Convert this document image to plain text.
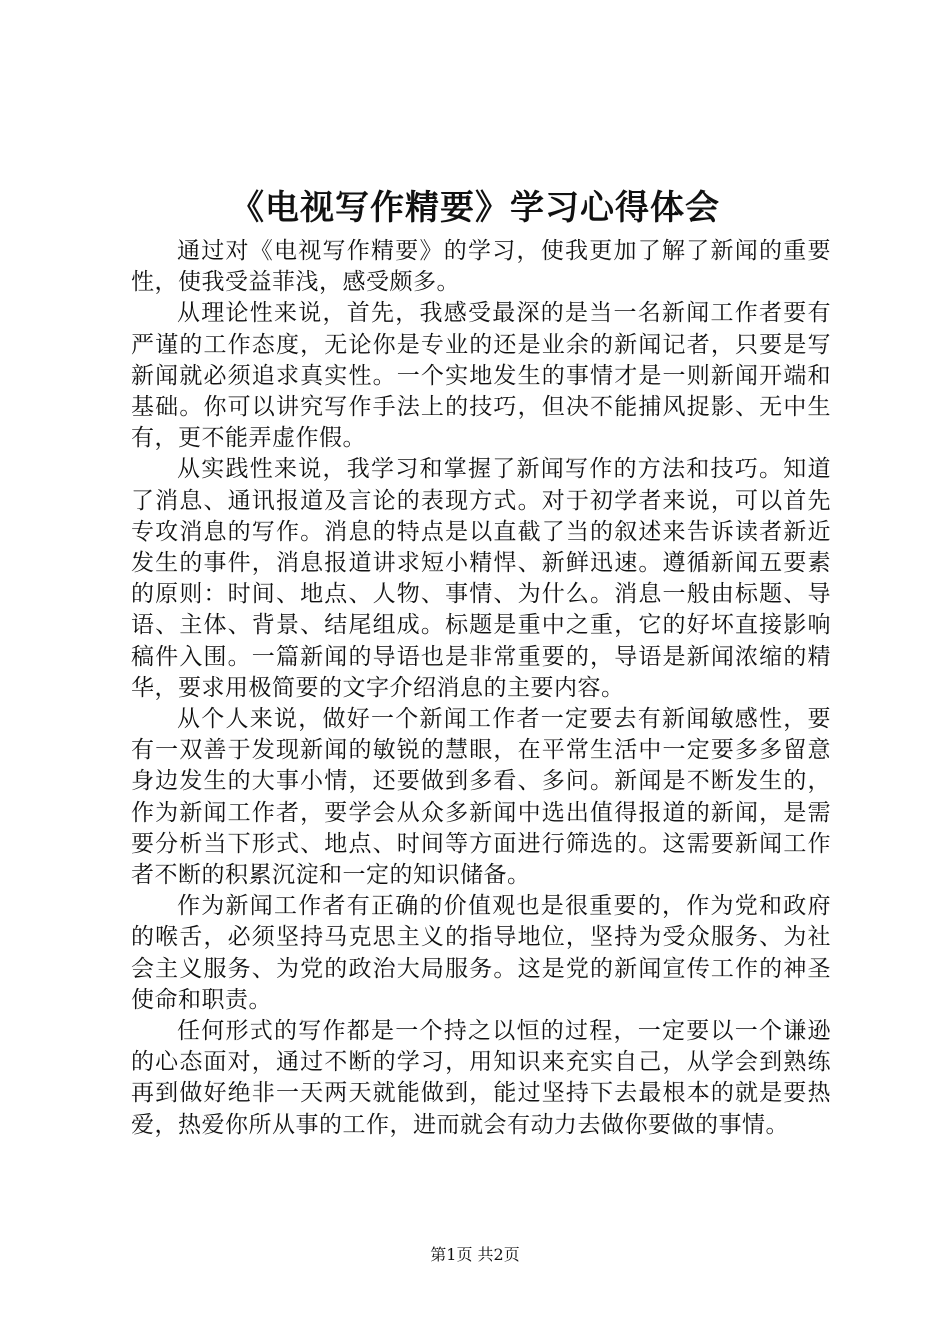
《电视写作精要》学习心得体会

通过对《电视写作精要》的学习，使我更加了解了新闻的重要性，使我受益菲浅，感受颇多。

从理论性来说，首先，我感受最深的是当一名新闻工作者要有严谨的工作态度，无论你是专业的还是业余的新闻记者，只要是写新闻就必须追求真实性。一个实地发生的事情才是一则新闻开端和基础。你可以讲究写作手法上的技巧，但决不能捕风捉影、无中生有，更不能弄虚作假。

从实践性来说，我学习和掌握了新闻写作的方法和技巧。知道了消息、通讯报道及言论的表现方式。对于初学者来说，可以首先专攻消息的写作。消息的特点是以直截了当的叙述来告诉读者新近发生的事件，消息报道讲求短小精悍、新鲜迅速。遵循新闻五要素的原则：时间、地点、人物、事情、为什么。消息一般由标题、导语、主体、背景、结尾组成。标题是重中之重，它的好坏直接影响稿件入围。一篇新闻的导语也是非常重要的，导语是新闻浓缩的精华，要求用极简要的文字介绍消息的主要内容。

从个人来说，做好一个新闻工作者一定要去有新闻敏感性，要有一双善于发现新闻的敏锐的慧眼，在平常生活中一定要多多留意身边发生的大事小情，还要做到多看、多问。新闻是不断发生的，作为新闻工作者，要学会从众多新闻中选出值得报道的新闻，是需要分析当下形式、地点、时间等方面进行筛选的。这需要新闻工作者不断的积累沉淀和一定的知识储备。

作为新闻工作者有正确的价值观也是很重要的，作为党和政府的喉舌，必须坚持马克思主义的指导地位，坚持为受众服务、为社会主义服务、为党的政治大局服务。这是党的新闻宣传工作的神圣使命和职责。

任何形式的写作都是一个持之以恒的过程，一定要以一个谦逊的心态面对，通过不断的学习，用知识来充实自己，从学会到熟练再到做好绝非一天两天就能做到，能过坚持下去最根本的就是要热爱，热爱你所从事的工作，进而就会有动力去做你要做的事情。

第1页 共2页
